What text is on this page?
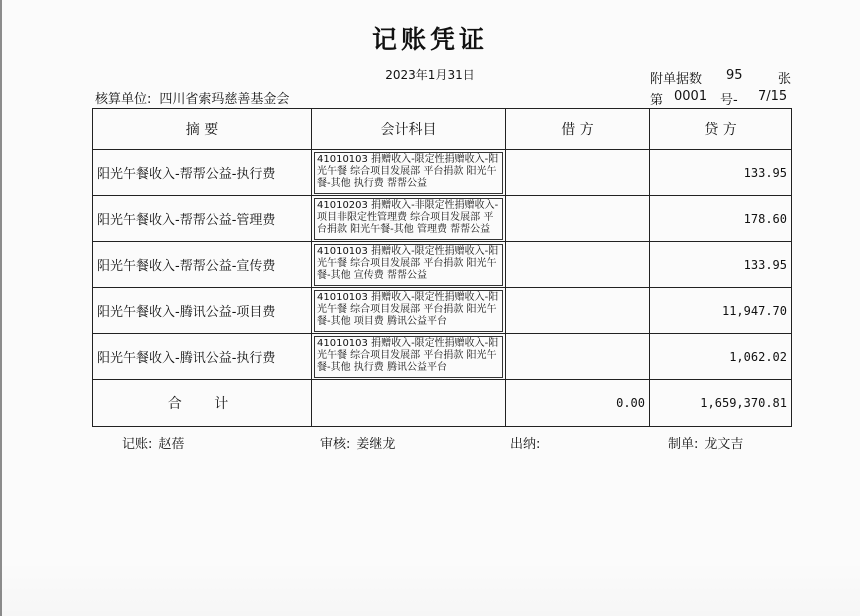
记账凭证
2023年1月31日	附单据数 95	张
核算单位: 四川省索玛慈善基金会	第 0001 号- 7/15
摘 要	会计科目	借 方	贷 方
阳光午餐收入-帮帮公益-执行费	41010103 捐赠收入-限定性捐赠收入-阳光午餐 综合项目发展部 平台捐款 阳光午餐-其他 执行费 帮帮公益		133.95
阳光午餐收入-帮帮公益-管理费	41010203 捐赠收入-非限定性捐赠收入-项目非限定性管理费 综合项目发展部 平台捐款 阳光午餐-其他 管理费 帮帮公益		178.60
阳光午餐收入-帮帮公益-宣传费	41010103 捐赠收入-限定性捐赠收入-阳光午餐 综合项目发展部 平台捐款 阳光午餐-其他 宣传费 帮帮公益		133.95
阳光午餐收入-腾讯公益-项目费	41010103 捐赠收入-限定性捐赠收入-阳光午餐 综合项目发展部 平台捐款 阳光午餐-其他 项目费 腾讯公益平台		11,947.70
阳光午餐收入-腾讯公益-执行费	41010103 捐赠收入-限定性捐赠收入-阳光午餐 综合项目发展部 平台捐款 阳光午餐-其他 执行费 腾讯公益平台		1,062.02
合 计		0.00	1,659,370.81
记账: 赵蓓	审核: 姜继龙	出纳:	制单: 龙文吉
